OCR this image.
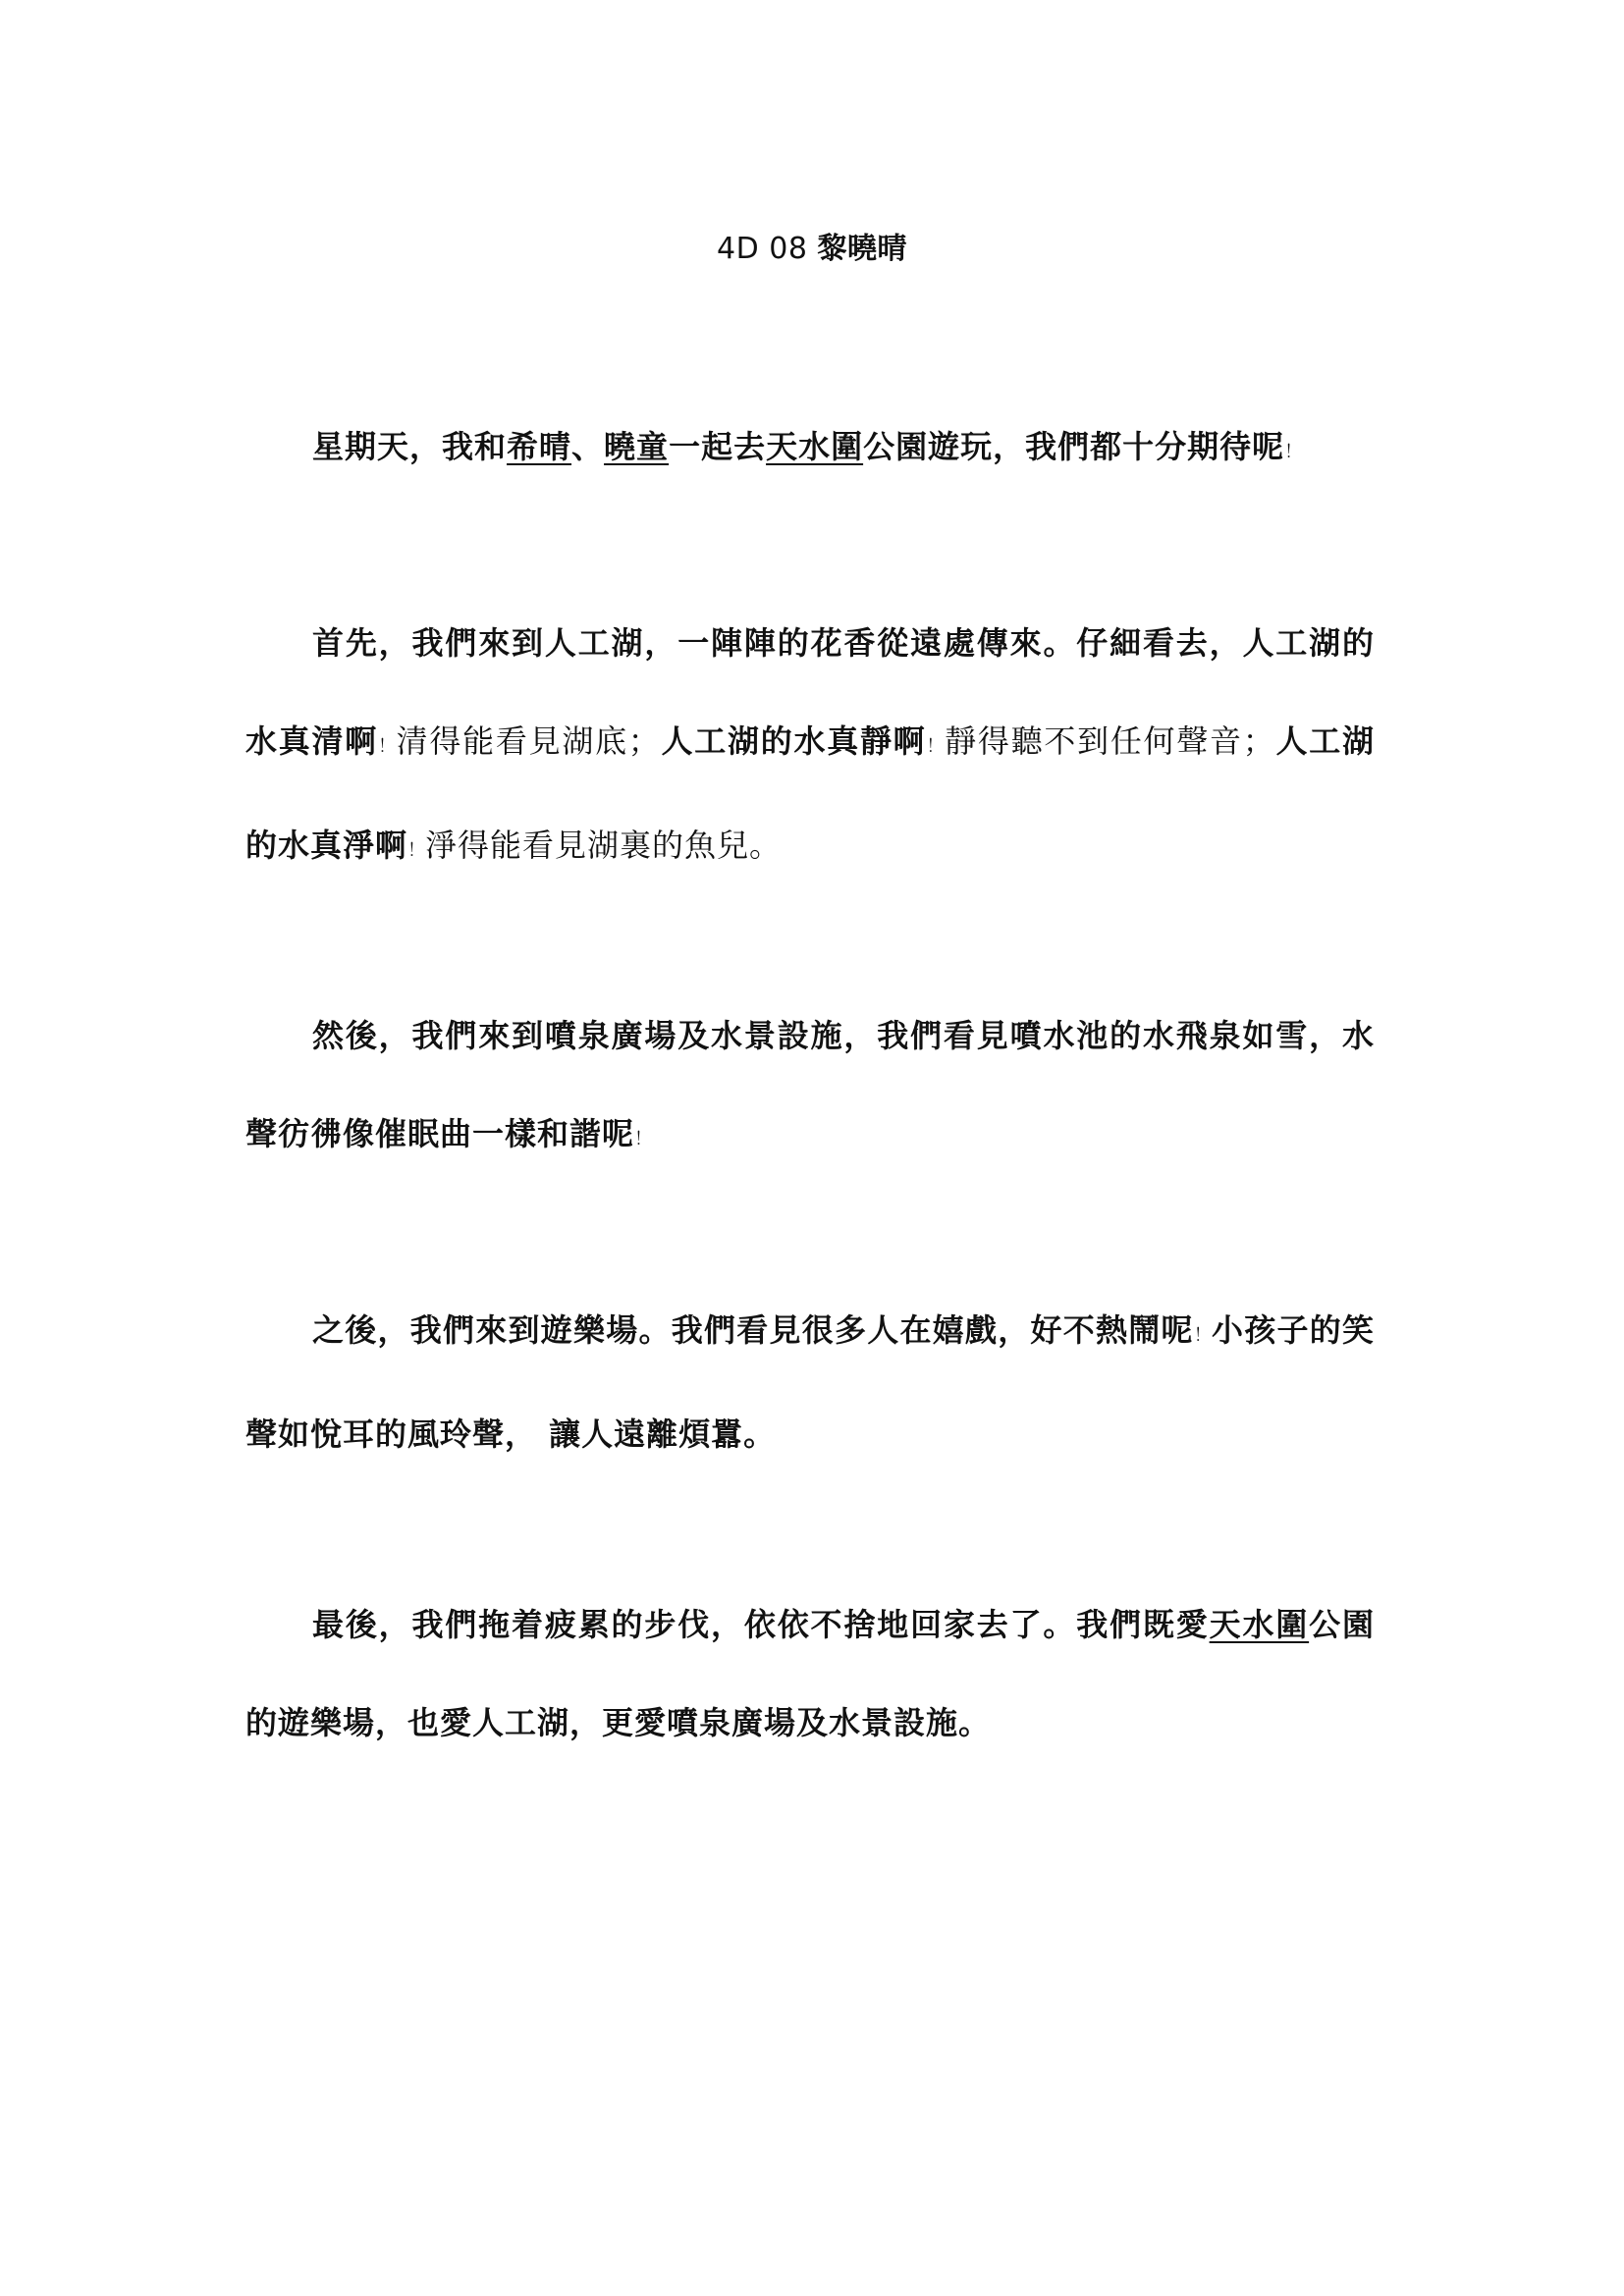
4D 08 黎曉晴

星期天，我和希晴、曉童一起去天水圍公園遊玩，我們都十分期待呢！

首先，我們來到人工湖，一陣陣的花香從遠處傳來。仔細看去，人工湖的水真清啊！清得能看見湖底；人工湖的水真靜啊！靜得聽不到任何聲音；人工湖的水真淨啊！淨得能看見湖裏的魚兒。

然後，我們來到噴泉廣場及水景設施，我們看見噴水池的水飛泉如雪，水聲彷彿像催眠曲一樣和諧呢！

之後，我們來到遊樂場。我們看見很多人在嬉戲，好不熱鬧呢！小孩子的笑聲如悅耳的風玲聲， 讓人遠離煩囂。

最後，我們拖着疲累的步伐，依依不捨地回家去了。我們既愛天水圍公園的遊樂場，也愛人工湖，更愛噴泉廣場及水景設施。
